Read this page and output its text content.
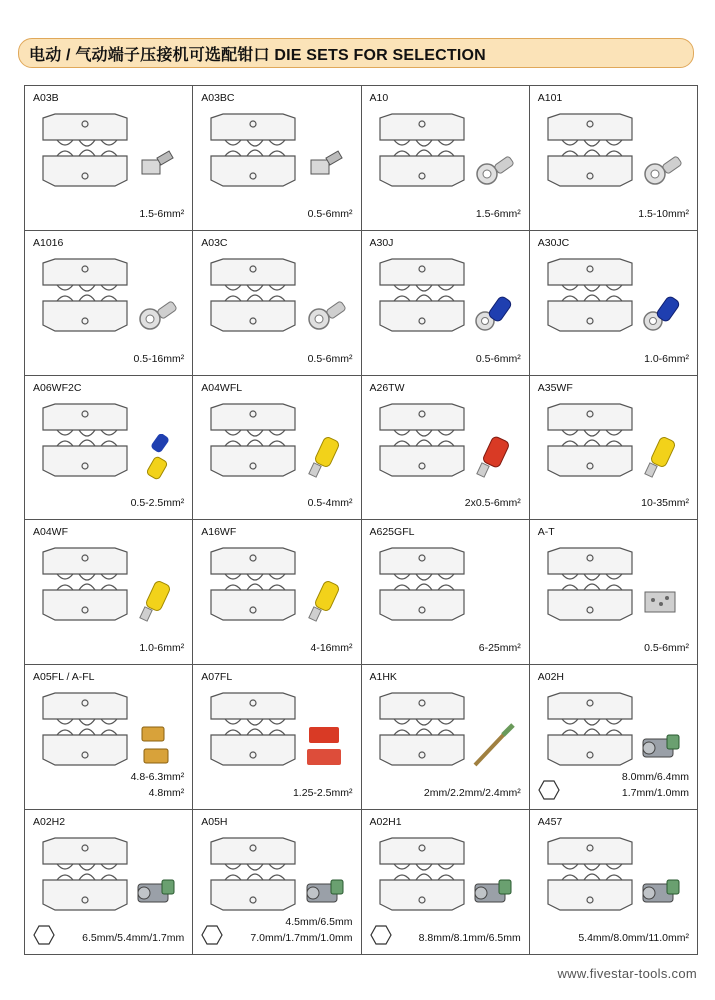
电动 / 气动端子压接机可选配钳口 DIE SETS FOR SELECTION
A03B
1.5-6mm²
A03BC
0.5-6mm²
A10
1.5-6mm²
A101
1.5-10mm²
A1016
0.5-16mm²
A03C
0.5-6mm²
A30J
0.5-6mm²
A30JC
1.0-6mm²
A06WF2C
0.5-2.5mm²
A04WFL
0.5-4mm²
A26TW
2x0.5-6mm²
A35WF
10-35mm²
A04WF
1.0-6mm²
A16WF
4-16mm²
A625GFL
6-25mm²
A-T
0.5-6mm²
A05FL / A-FL
4.8-6.3mm²
4.8mm²
A07FL
1.25-2.5mm²
A1HK
2mm/2.2mm/2.4mm²
A02H
8.0mm/6.4mm
1.7mm/1.0mm
A02H2
6.5mm/5.4mm/1.7mm
A05H
4.5mm/6.5mm
7.0mm/1.7mm/1.0mm
A02H1
8.8mm/8.1mm/6.5mm
A457
5.4mm/8.0mm/11.0mm²
www.fivestar-tools.com
